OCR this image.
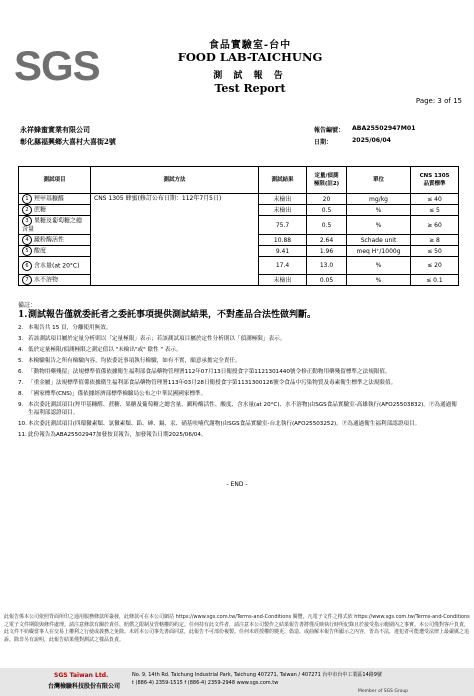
SGS	食品實驗室-台中
FOOD LAB-TAICHUNG
測 試 報 告
Test Report
Page: 3 of 15
永祥蜂蜜實業有限公司
彰化縣福興鄉大喜村大喜街2號
報告編號：	ABA25502947M01
日期：	2025/06/04
測試項目	測試方法	測試結果	定量/偵測
極限(註2)	單位	CNS 1305
品質標準
1 羥甲基糠醛	CNS 1305 蜂蜜(修訂公布日期：112年7月5日)	未檢出	20	mg/kg	≤ 40
2 蔗糖		未檢出	0.5	%	≤ 5
3 果糖及葡萄糖之總含量		75.7	0.5	%	≥ 60
4 澱粉酶活性		10.88	2.64	Schade unit	≥ 8
5 酸度		9.41	1.96	meq H⁺/1000g	≤ 50
6 含水量(at 20°C)		17.4	13.0	%	≤ 20
7 水不溶物		未檢出	0.05	%	≤ 0.1
備註：
1. 測試報告僅就委託者之委託事項提供測試結果，不對產品合法性做判斷。
2. 本報告共 15 頁，分離使用無效。
3. 若該測試項目屬於定量分析則以「定量極限」表示；若該測試項目屬於定性分析則以「偵測極限」表示。
4. 低於定量極限/偵測極限之測定值以 "未檢出"或" 陰性 " 表示。
5. 本檢驗報告之所有檢驗內容，均依委託事項執行檢驗，如有不實，願意承擔完全責任。
6. 「動物用藥殘留」法規標準值係依據衛生福利部食品藥物管理署112年07月13日衛授食字第1121301440號令修正動物用藥殘留標準之法規限值。
7. 「重金屬」法規標準值係依據衛生福利部食品藥物管理署113年03月28日衛授食字第1131300126號令食品中污染物質及毒素衛生標準之法規限值。
8. 「國家標準(CNS)」係依據經濟部標準檢驗局公布之中華民國國家標準。
9. 本次委託測試項目(羥甲基糠醛、蔗糖、果糖及葡萄糖之總含量、澱粉酶活性、酸度、含水量(at 20°C)、水不溶物)由SGS食品實驗室-高雄執行(AFO25503832)。Ⓟ為通過衛生福利部認證項目。
10. 本次委託測試項目(四環黴素類、氯黴素類、鉛、砷、鎘、汞、硝基呋喃代謝物)由SGS食品實驗室-台北執行(AFO25503252)。Ⓟ為通過衛生福利部認證項目。
11. 此份報告為ABA25502947加發按頁報告，加發報告日期2025/06/04。
- END -
此報告係本公司依照背面所印之通用服務條款所簽發，此條款可在本公司網站 https://www.sgs.com.tw/Terms-and-Conditions 閱覽，凡電子文件之格式依 https://www.sgs.com.tw/Terms-and-Conditions 之電子文件期限與條件處理。請注意條款有關於責任、賠償之限制及管轄權的約定。任何持有此文件者，請注意本公司製作之結果報告書將僅反映執行時所紀錄且於接受指示範圍內之事實。本公司僅對客戶負責，此文件不妨礙當事人在交易上權利之行使或義務之免除。未經本公司事先書面同意，此報告不可部份複製。任何未經授權的變更、偽造、或曲解本報告所顯示之內容，皆為不法，違犯者可能遭受法律上最嚴厲之追訴。除非另有說明，此報告結果僅對測試之樣品負責。
SGS Taiwan Ltd.
台灣檢驗科技股份有限公司
No. 9, 14th Rd. Taichung Industrial Park, Taichung 407271, Taiwan / 407271 台中市台中工業區14路9號
t (886-4) 2359-1515 f (886-4) 2359-2948 www.sgs.com.tw
Member of SGS Group
